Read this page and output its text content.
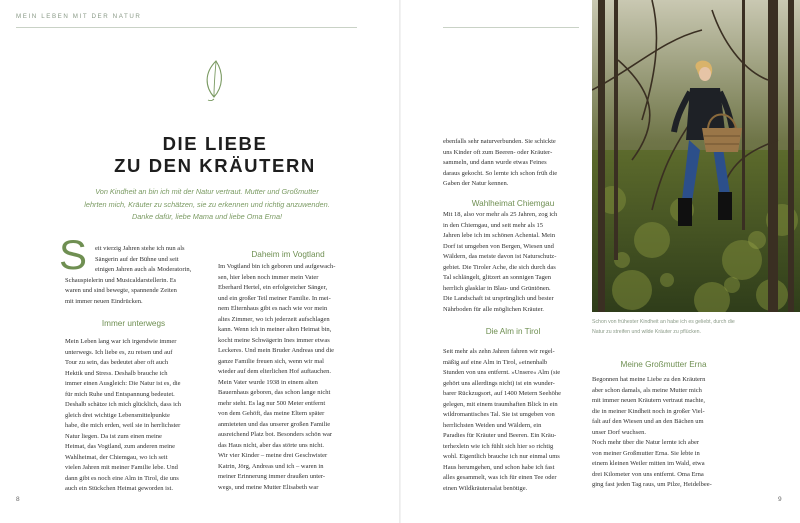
MEIN LEBEN MIT DER NATUR
DIE LIEBE
ZU DEN KRÄUTERN
Von Kindheit an bin ich mit der Natur vertraut. Mutter und Großmutter
lehrten mich, Kräuter zu schätzen, sie zu erkennen und richtig anzuwenden.
Danke dafür, liebe Mama und liebe Oma Erna!
S	eit vierzig Jahren stehe ich nun als
Sängerin auf der Bühne und seit
einigen Jahren auch als Moderatorin,
Schauspielerin und Musicaldarstellerin. Es
waren und sind bewegte, spannende Zeiten
mit immer neuen Eindrücken.
Mein Leben lang war ich irgendwie immer
unterwegs. Ich liebe es, zu reisen und auf
Tour zu sein, das bedeutet aber oft auch
Hektik und Stress. Deshalb brauche ich
immer einen Ausgleich: Die Natur ist es, die
für mich Ruhe und Entspannung bedeutet.
Deshalb schätze ich mich glücklich, dass ich
gleich drei wichtige Lebensmittelpunkte
habe, die mich erden, weil sie in herrlichster
Natur liegen. Da ist zum einen meine
Heimat, das Vogtland, zum anderen meine
Wahlheimat, der Chiemgau, wo ich seit
vielen Jahren mit meiner Familie lebe. Und
dann gibt es noch eine Alm in Tirol, die uns
auch ein Stückchen Heimat geworden ist.
Immer unterwegs
Daheim im Vogtland
Im Vogtland bin ich geboren und aufgewach-
sen, hier leben noch immer mein Vater
Eberhard Hertel, ein erfolgreicher Sänger,
und ein großer Teil meiner Familie. In mei-
nem Elternhaus gibt es nach wie vor mein
altes Zimmer, wo ich jederzeit aufschlagen
kann. Wenn ich in meiner alten Heimat bin,
kocht meine Schwägerin Ines immer etwas
Leckeres. Und mein Bruder Andreas und die
ganze Familie freuen sich, wenn wir mal
wieder auf dem elterlichen Hof auftauchen.
Mein Vater wurde 1938 in einem alten
Bauernhaus geboren, das schon lange nicht
mehr steht. Es lag nur 500 Meter entfernt
von dem Gehöft, das meine Eltern später
anmieteten und das unserer großen Familie
ausreichend Platz bot. Besonders schön war
das Haus nicht, aber das störte uns nicht.
Wir vier Kinder – meine drei Geschwister
Katrin, Jörg, Andreas und ich – waren in
meiner Erinnerung immer draußen unter-
wegs, und meine Mutter Elisabeth war
ebenfalls sehr naturverbunden. Sie schickte
uns Kinder oft zum Beeren- oder Kräuter-
sammeln, und dann wurde etwas Feines
daraus gekocht. So lernte ich schon früh die
Gaben der Natur kennen.
Mit 18, also vor mehr als 25 Jahren, zog ich
in den Chiemgau, und seit mehr als 15
Jahren lebe ich im schönen Achental. Mein
Dorf ist umgeben von Bergen, Wiesen und
Wäldern, das meiste davon ist Naturschutz-
gebiet. Die Tiroler Ache, die sich durch das
Tal schlängelt, glitzert an sonnigen Tagen
herrlich glasklar in Blau- und Grüntönen.
Die Landschaft ist ursprünglich und bester
Nährboden für alle möglichen Kräuter.
Seit mehr als zehn Jahren fahren wir regel-
mäßig auf eine Alm in Tirol, »einenhalb
Stunden von uns entfernt. »Unsere« Alm (sie
gehört uns allerdings nicht) ist ein wunder-
barer Rückzugsort, auf 1400 Metern Seehöhe
gelegen, mit einem traumhaften Blick in ein
wildromantisches Tal. Sie ist umgeben von
herrlichsten Weiden und Wäldern, ein
Paradies für Kräuter und Beeren. Ein Kräu-
terhexlein wie ich fühlt sich hier so richtig
wohl. Eigentlich brauche ich nur einmal ums
Haus herumgehen, und schon habe ich fast
alles gesammelt, was ich für einen Tee oder
einen Wildkräutersalat benötige.
Wahlheimat Chiemgau
Die Alm in Tirol
Schon von frühester Kindheit an habe ich es geliebt, durch die
Natur zu streifen und wilde Kräuter zu pflücken.
Meine Großmutter Erna
Begonnen hat meine Liebe zu den Kräutern
aber schon damals, als meine Mutter mich
mit immer neuen Kräutern vertraut machte,
die in meiner Kindheit noch in großer Viel-
falt auf den Wiesen und an den Bächen um
unser Dorf wuchsen.
Noch mehr über die Natur lernte ich aber
von meiner Großmutter Erna. Sie lebte in
einem kleinen Weiler mitten im Wald, etwa
drei Kilometer von uns entfernt. Oma Erna
ging fast jeden Tag raus, um Pilze, Heidelbee-
8	9
